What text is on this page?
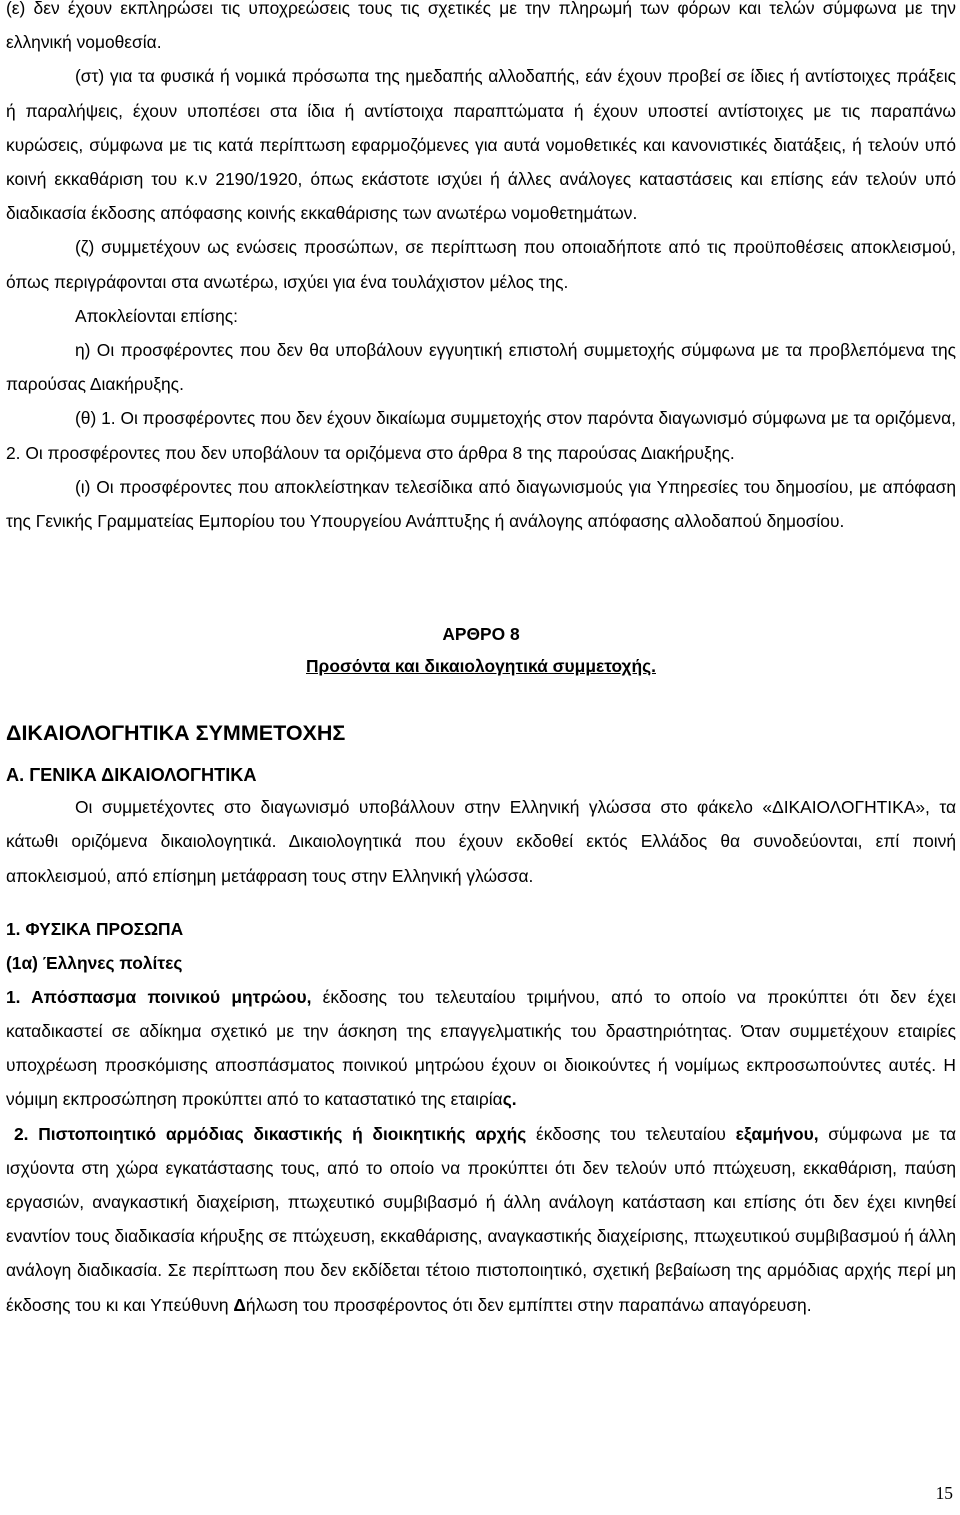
(ε) δεν έχουν εκπληρώσει τις υποχρεώσεις τους τις σχετικές με την πληρωμή των φόρων και τελών σύμφωνα με την ελληνική νομοθεσία.

(στ) για τα φυσικά ή νομικά πρόσωπα της ημεδαπής αλλοδαπής, εάν έχουν προβεί σε ίδιες ή αντίστοιχες πράξεις ή παραλήψεις, έχουν υποπέσει στα ίδια ή αντίστοιχα παραπτώματα ή έχουν υποστεί αντίστοιχες με τις παραπάνω κυρώσεις, σύμφωνα με τις κατά περίπτωση εφαρμοζόμενες για αυτά νομοθετικές και κανονιστικές διατάξεις, ή τελούν υπό κοινή εκκαθάριση του κ.ν 2190/1920, όπως εκάστοτε ισχύει ή άλλες ανάλογες καταστάσεις και επίσης εάν τελούν υπό διαδικασία έκδοσης απόφασης κοινής εκκαθάρισης των ανωτέρω νομοθετημάτων.

(ζ) συμμετέχουν ως ενώσεις προσώπων, σε περίπτωση που οποιαδήποτε από τις προϋποθέσεις αποκλεισμού, όπως περιγράφονται στα ανωτέρω, ισχύει για ένα τουλάχιστον μέλος της.

Αποκλείονται επίσης:

η) Οι προσφέροντες που δεν θα υποβάλουν εγγυητική επιστολή συμμετοχής σύμφωνα με τα προβλεπόμενα της παρούσας Διακήρυξης.

(θ) 1. Οι προσφέροντες που δεν έχουν δικαίωμα συμμετοχής στον παρόντα διαγωνισμό σύμφωνα με τα οριζόμενα, 2. Οι προσφέροντες που δεν υποβάλουν τα οριζόμενα στο άρθρα 8 της παρούσας Διακήρυξης.

(ι) Οι προσφέροντες που αποκλείστηκαν τελεσίδικα από διαγωνισμούς για Υπηρεσίες του δημοσίου, με απόφαση της Γενικής Γραμματείας Εμπορίου του Υπουργείου Ανάπτυξης ή ανάλογης απόφασης αλλοδαπού δημοσίου.

ΑΡΘΡΟ 8

Προσόντα και δικαιολογητικά συμμετοχής.

ΔΙΚΑΙΟΛΟΓΗΤΙΚΑ ΣΥΜΜΕΤΟΧΗΣ

Α. ΓΕΝΙΚΑ ΔΙΚΑΙΟΛΟΓΗΤΙΚΑ

Οι συμμετέχοντες στο διαγωνισμό υποβάλλουν στην Ελληνική γλώσσα στο φάκελο «ΔΙΚΑΙΟΛΟΓΗΤΙΚΑ», τα κάτωθι οριζόμενα δικαιολογητικά. Δικαιολογητικά που έχουν εκδοθεί εκτός Ελλάδος θα συνοδεύονται, επί ποινή αποκλεισμού, από επίσημη μετάφραση τους στην Ελληνική γλώσσα.

1. ΦΥΣΙΚΑ ΠΡΟΣΩΠΑ

(1α) Έλληνες πολίτες

1. Απόσπασμα ποινικού μητρώου, έκδοσης του τελευταίου τριμήνου, από το οποίο να προκύπτει ότι δεν έχει καταδικαστεί σε αδίκημα σχετικό με την άσκηση της επαγγελματικής του δραστηριότητας. Όταν συμμετέχουν εταιρίες υποχρέωση προσκόμισης αποσπάσματος ποινικού μητρώου έχουν οι διοικούντες ή νομίμως εκπροσωπούντες αυτές. Η νόμιμη εκπροσώπηση προκύπτει από το καταστατικό της εταιρίας.

2. Πιστοποιητικό αρμόδιας δικαστικής ή διοικητικής αρχής έκδοσης του τελευταίου εξαμήνου, σύμφωνα με τα ισχύοντα στη χώρα εγκατάστασης τους, από το οποίο να προκύπτει ότι δεν τελούν υπό πτώχευση, εκκαθάριση, παύση εργασιών, αναγκαστική διαχείριση, πτωχευτικό συμβιβασμό ή άλλη ανάλογη κατάσταση και επίσης ότι δεν έχει κινηθεί εναντίον τους διαδικασία κήρυξης σε πτώχευση, εκκαθάρισης, αναγκαστικής διαχείρισης, πτωχευτικού συμβιβασμού ή άλλη ανάλογη διαδικασία. Σε περίπτωση που δεν εκδίδεται τέτοιο πιστοποιητικό, σχετική βεβαίωση της αρμόδιας αρχής περί μη έκδοσης του κι και Υπεύθυνη Δήλωση του προσφέροντος ότι δεν εμπίπτει στην παραπάνω απαγόρευση.

15
